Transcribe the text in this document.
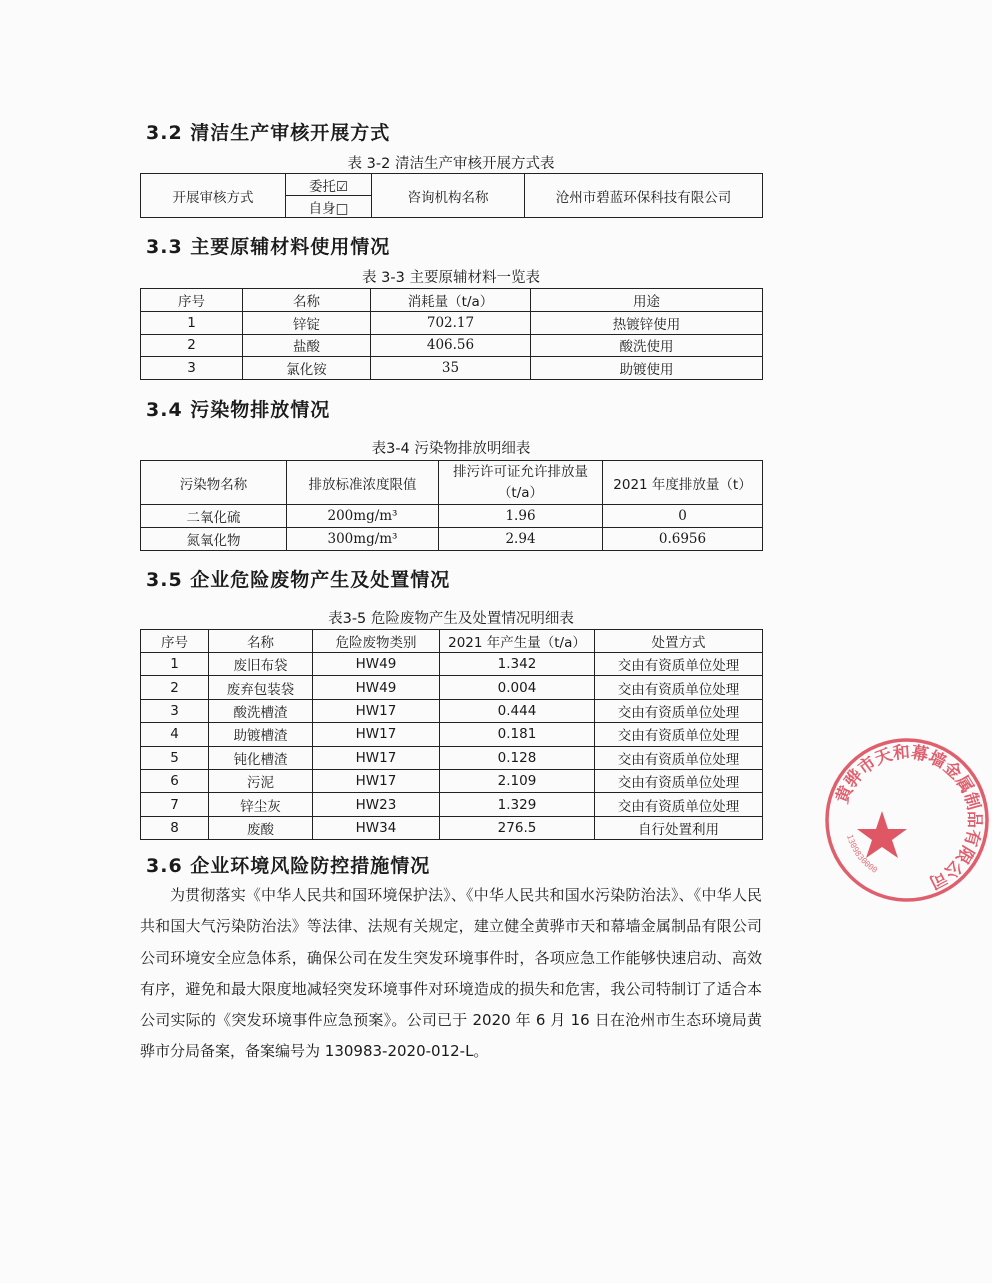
3.2 清洁生产审核开展方式

表 3-2 清洁生产审核开展方式表

开展审核方式	委托☑	咨询机构名称	沧州市碧蓝环保科技有限公司
自身□
3.3 主要原辅材料使用情况

表 3-3 主要原辅材料一览表

序号	名称	消耗量（t/a）	用途
1	锌锭	702.17	热镀锌使用
2	盐酸	406.56	酸洗使用
3	氯化铵	35	助镀使用
3.4 污染物排放情况

表3-4 污染物排放明细表

污染物名称	排放标准浓度限值	排污许可证允许排放量（t/a）	2021 年度排放量（t）
二氧化硫	200mg/m³	1.96	0
氮氧化物	300mg/m³	2.94	0.6956
3.5 企业危险废物产生及处置情况

表3-5 危险废物产生及处置情况明细表

序号	名称	危险废物类别	2021 年产生量（t/a）	处置方式
1	废旧布袋	HW49	1.342	交由有资质单位处理
2	废弃包装袋	HW49	0.004	交由有资质单位处理
3	酸洗槽渣	HW17	0.444	交由有资质单位处理
4	助镀槽渣	HW17	0.181	交由有资质单位处理
5	钝化槽渣	HW17	0.128	交由有资质单位处理
6	污泥	HW17	2.109	交由有资质单位处理
7	锌尘灰	HW23	1.329	交由有资质单位处理
8	废酸	HW34	276.5	自行处置利用
3.6 企业环境风险防控措施情况

为贯彻落实《中华人民共和国环境保护法》、《中华人民共和国水污染防治法》、《中华人民共和国大气污染防治法》等法律、法规有关规定，建立健全黄骅市天和幕墙金属制品有限公司公司环境安全应急体系，确保公司在发生突发环境事件时，各项应急工作能够快速启动、高效有序，避免和最大限度地减轻突发环境事件对环境造成的损失和危害，我公司特制订了适合本公司实际的《突发环境事件应急预案》。公司已于 2020 年 6 月 16 日在沧州市生态环境局黄骅市分局备案，备案编号为 130983-2020-012-L。

黄骅市天和幕墙金属制品有限公司
1309830000
